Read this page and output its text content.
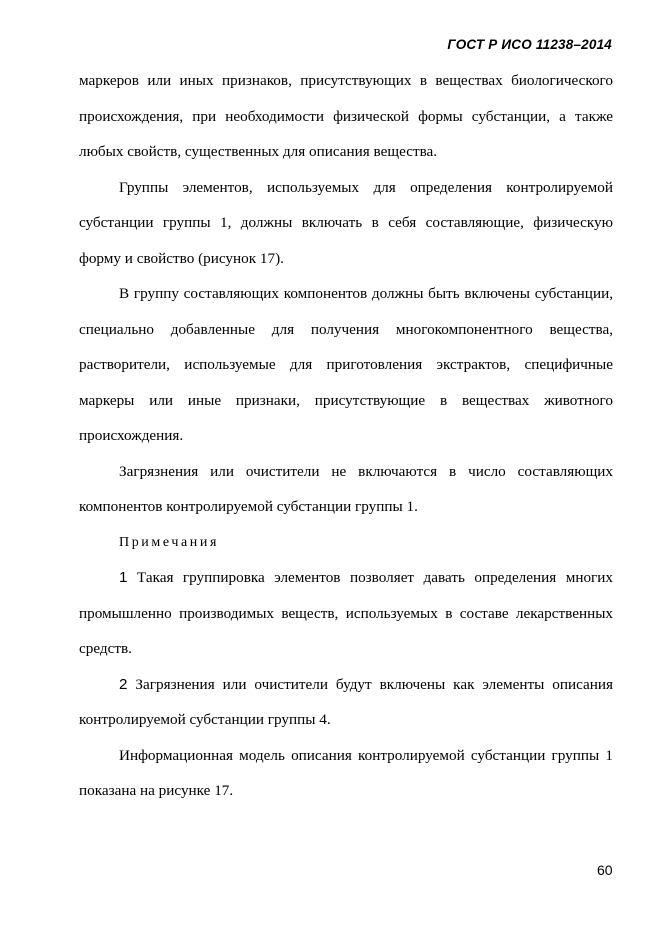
ГОСТ Р ИСО 11238–2014

маркеров или иных признаков, присутствующих в веществах биологического происхождения, при необходимости физической формы субстанции, а также любых свойств, существенных для описания вещества.

Группы элементов, используемых для определения контролируемой субстанции группы 1, должны включать в себя составляющие, физическую форму и свойство (рисунок 17).

В группу составляющих компонентов должны быть включены субстанции, специально добавленные для получения многокомпонентного вещества, растворители, используемые для приготовления экстрактов, специфичные маркеры или иные признаки, присутствующие в веществах животного происхождения.

Загрязнения или очистители не включаются в число составляющих компонентов контролируемой субстанции группы 1.

Примечания

1 Такая группировка элементов позволяет давать определения многих промышленно производимых веществ, используемых в составе лекарственных средств.

2 Загрязнения или очистители будут включены как элементы описания контролируемой субстанции группы 4.

Информационная модель описания контролируемой субстанции группы 1 показана на рисунке 17.

60
